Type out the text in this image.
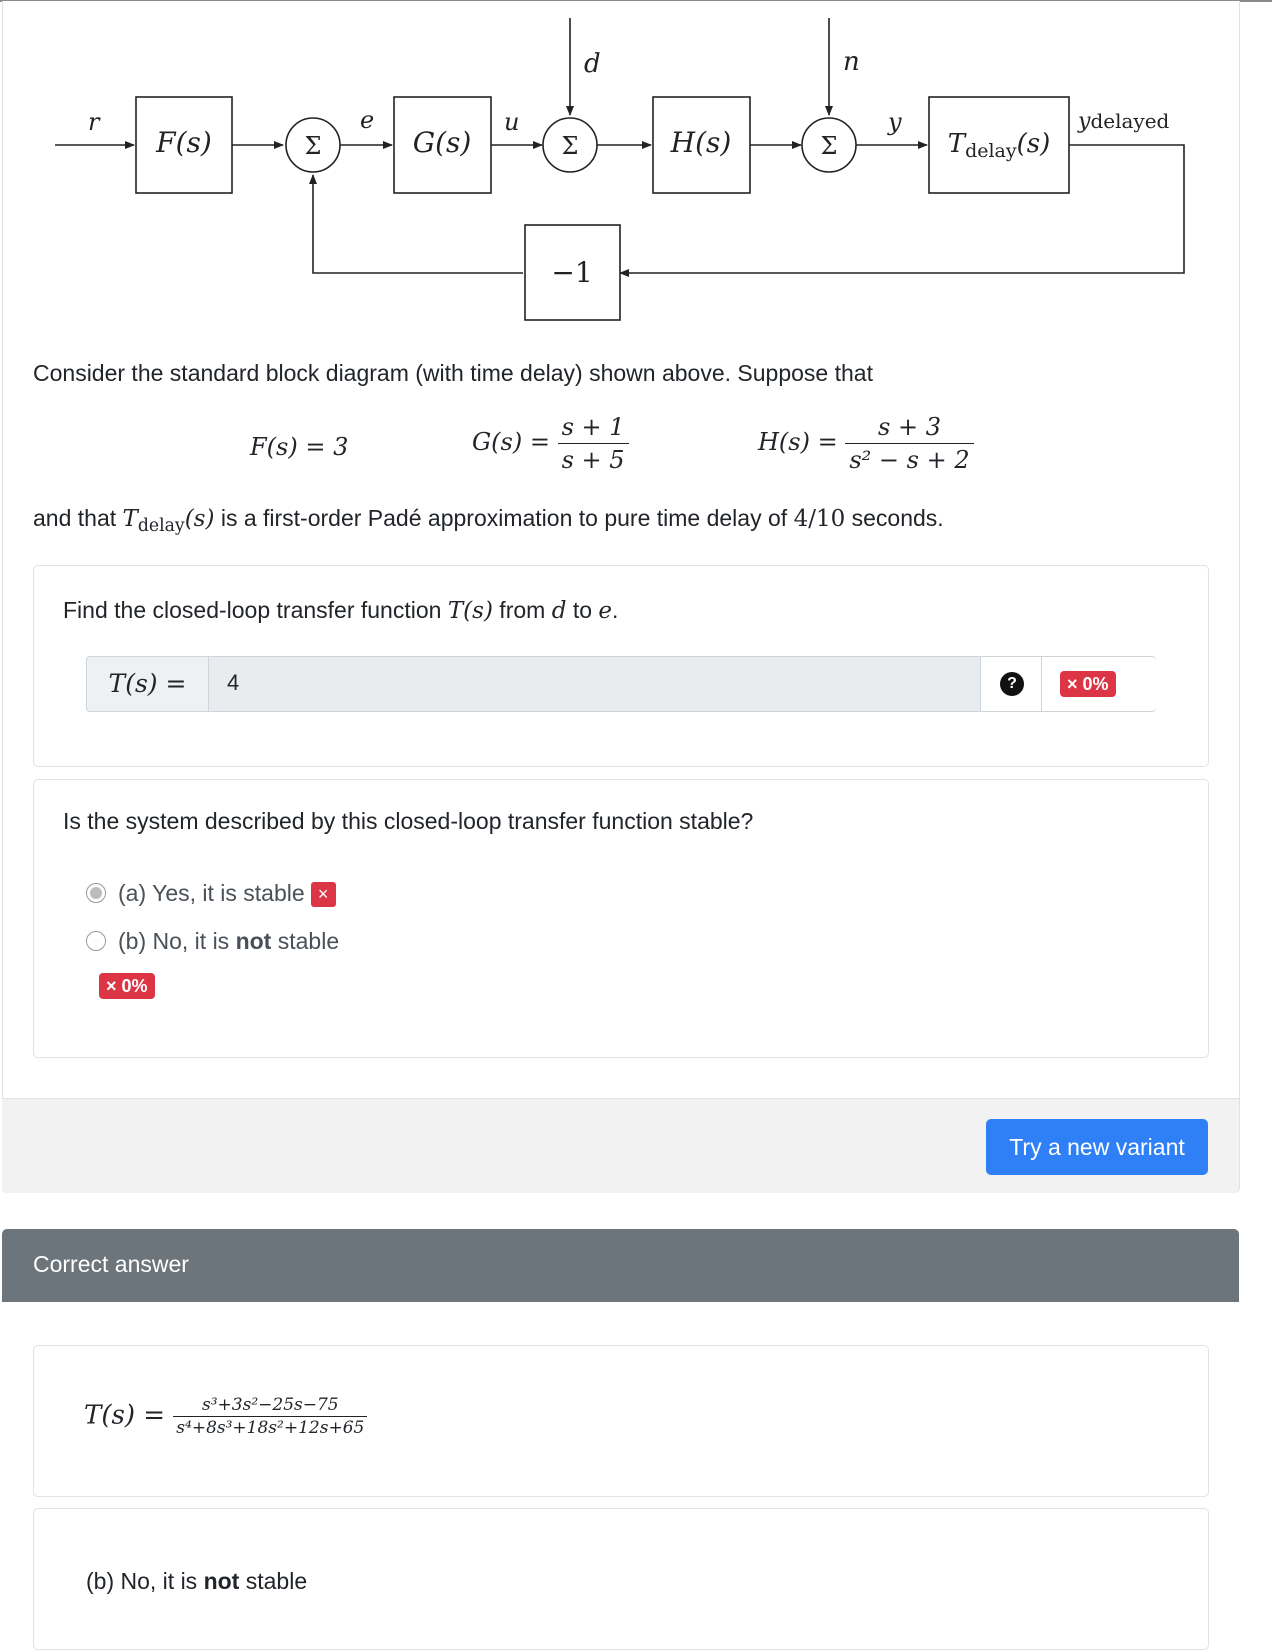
r
F(s)	Σ
e
G(s)
u
d
Σ	H(s)
n
Σ
y
Tdelay(s)
ydelayed
−1

Consider the standard block diagram (with time delay) shown above. Suppose that

F(s) = 3	$G(s) = \frac{s + 1}{s + 5}$	$H(s) = \frac{s + 3}{\text{s² − s + 2}}$

and that $T_{delay}(s)$ is a first-order Padé approximation to pure time delay of 4/10 seconds.

Find the closed-loop transfer function T(s) from d to e.

T(s) =
4	?	× 0%

Is the system described by this closed-loop transfer function stable?

(a) Yes, it is stable ×
(b) No, it is not stable
× 0%
Try a new variant
Correct answer
$T(s) = \frac{\text{s³+3s²−25s−75}}{\text{s⁴+8s³+18s²+12s+65}}$

(b) No, it is not stable
